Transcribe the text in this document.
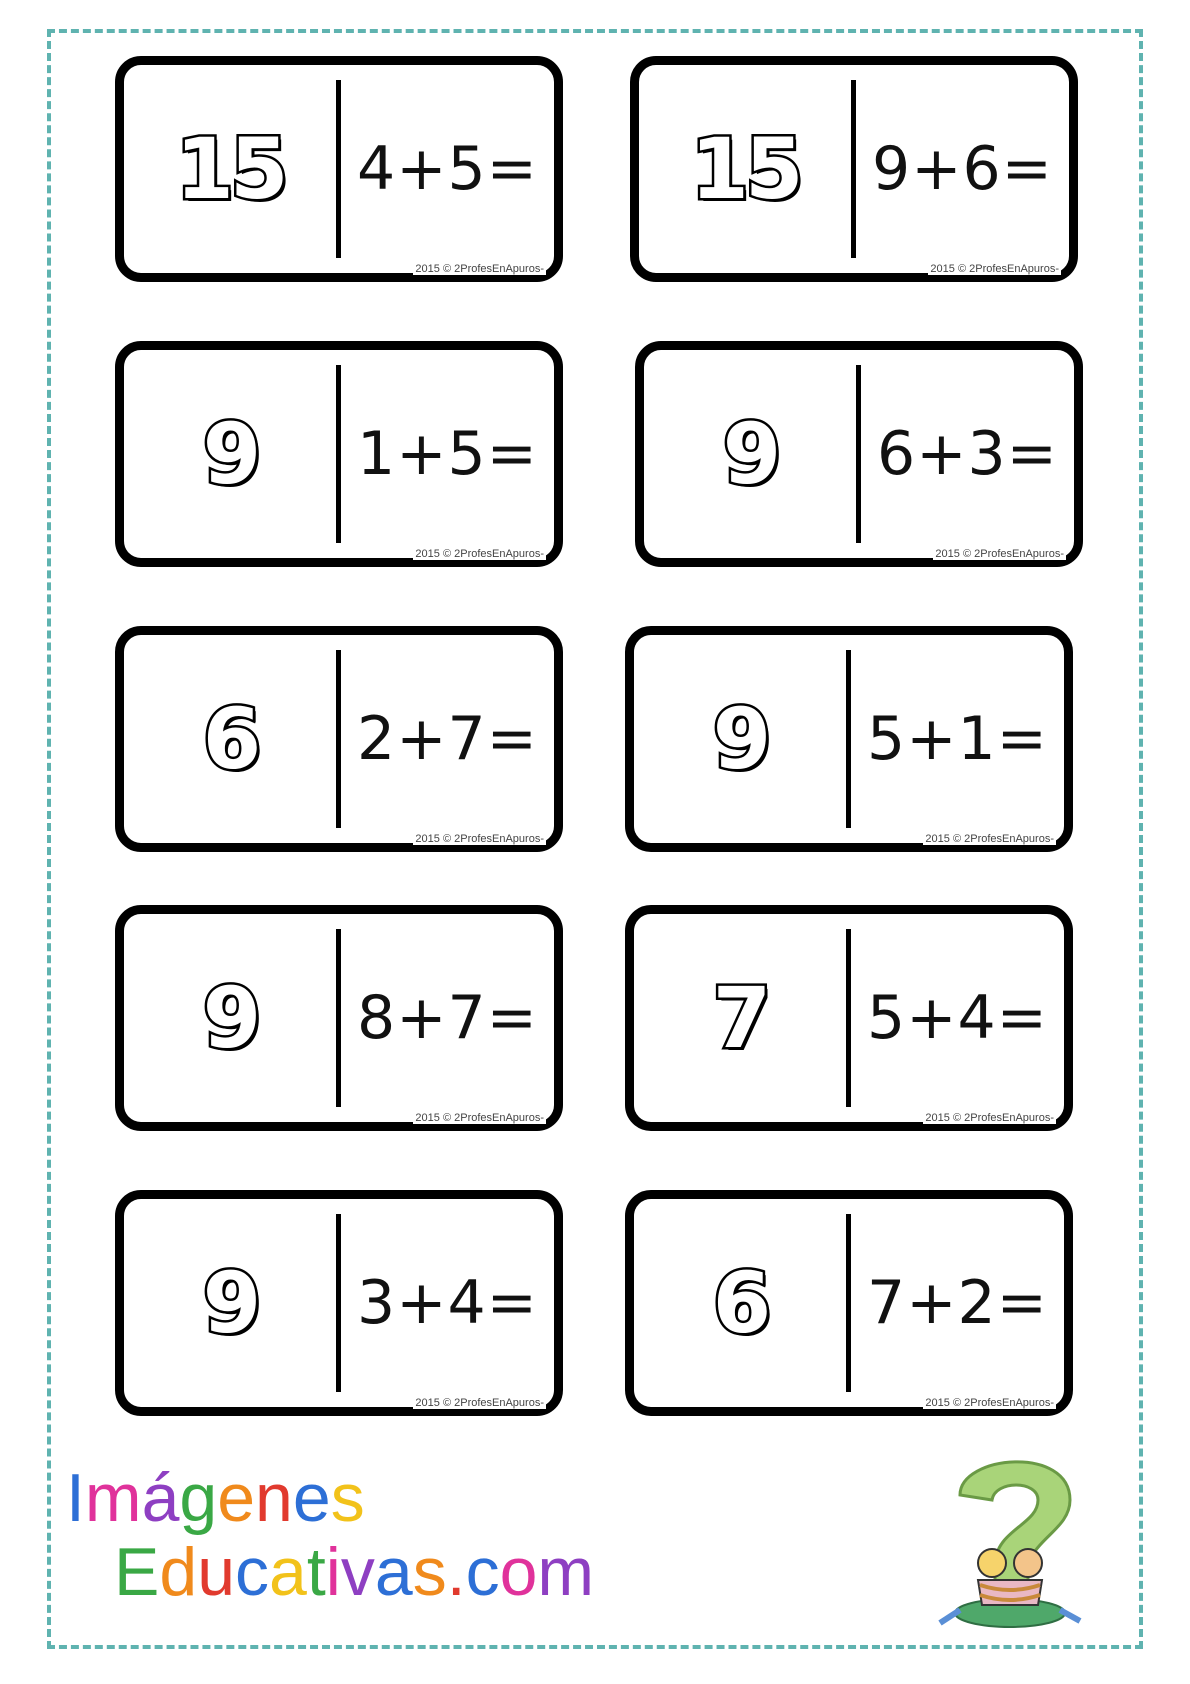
15	4+5=
2015 © 2ProfesEnApuros-
15	9+6=
2015 © 2ProfesEnApuros-
9	1+5=
2015 © 2ProfesEnApuros-
9	6+3=
2015 © 2ProfesEnApuros-
6	2+7=
2015 © 2ProfesEnApuros-
9	5+1=
2015 © 2ProfesEnApuros-
9	8+7=
2015 © 2ProfesEnApuros-
7	5+4=
2015 © 2ProfesEnApuros-
9	3+4=
2015 © 2ProfesEnApuros-
6	7+2=
2015 © 2ProfesEnApuros-
Imágenes
Educativas.com
